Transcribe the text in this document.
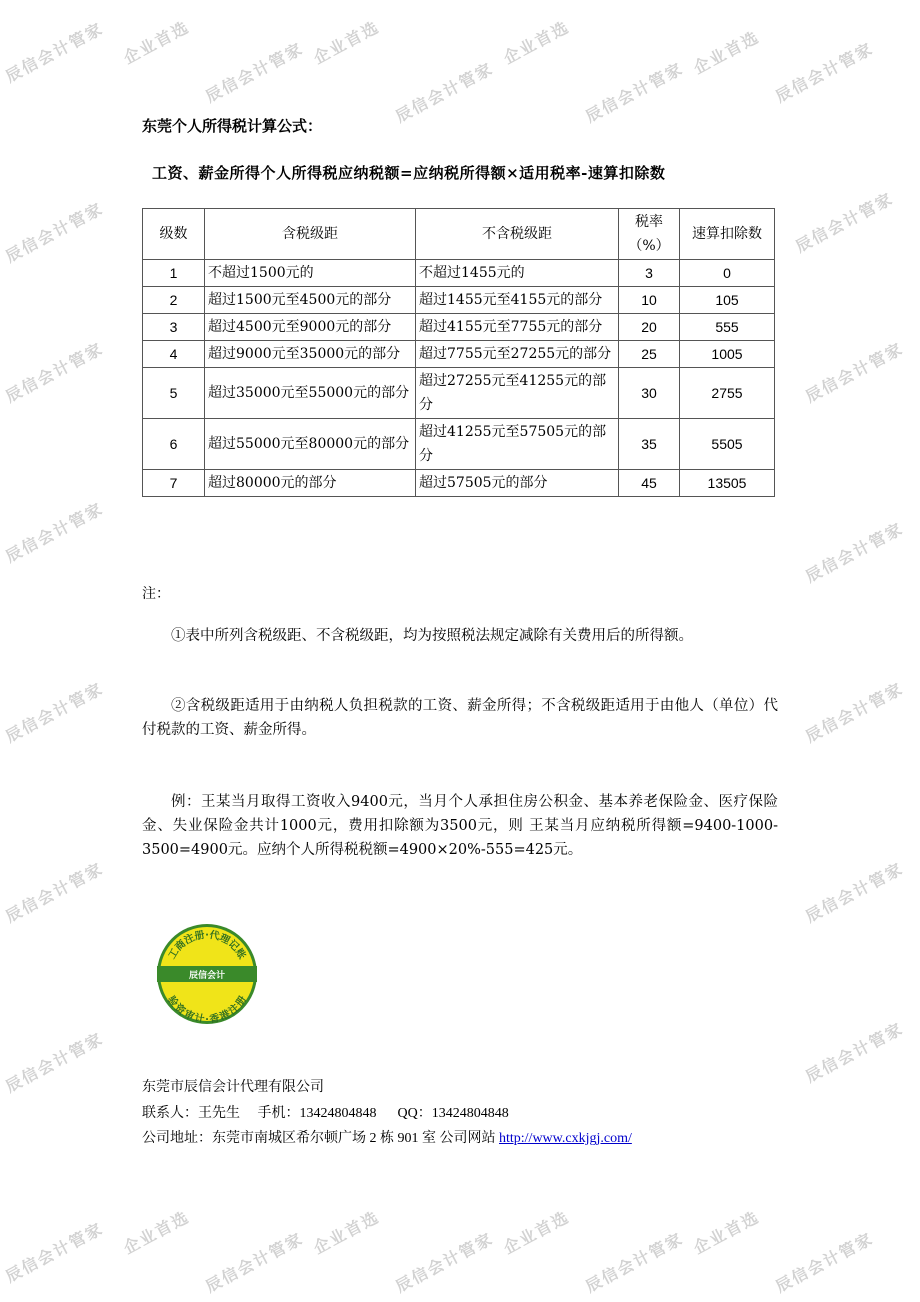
辰信会计管家 企业首选 辰信会计管家 企业首选
辰信会计管家
企业首选
辰信会计管家
企业首选 辰信会计管家
辰信会计管家	辰信会计管家
辰信会计管家	辰信会计管家
辰信会计管家	辰信会计管家
辰信会计管家	辰信会计管家
辰信会计管家	辰信会计管家
辰信会计管家	辰信会计管家
辰信会计管家 企业首选 辰信会计管家 企业首选 辰信会计管家 企业首选 辰信会计管家 企业首选 辰信会计管家
东莞个人所得税计算公式：
工资、薪金所得个人所得税应纳税额=应纳税所得额×适用税率-速算扣除数
级数	含税级距	不含税级距	税率（%）	速算扣除数
1	不超过1500元的	不超过1455元的	3	0
2	超过1500元至4500元的部分	超过1455元至4155元的部分	10	105
3	超过4500元至9000元的部分	超过4155元至7755元的部分	20	555
4	超过9000元至35000元的部分	超过7755元至27255元的部分	25	1005
5	超过35000元至55000元的部分	超过27255元至41255元的部分	30	2755
6	超过55000元至80000元的部分	超过41255元至57505元的部分	35	5505
7	超过80000元的部分	超过57505元的部分	45	13505
注：
①表中所列含税级距、不含税级距，均为按照税法规定减除有关费用后的所得额。
②含税级距适用于由纳税人负担税款的工资、薪金所得；不含税级距适用于由他人（单位）代付税款的工资、薪金所得。
例：王某当月取得工资收入9400元，当月个人承担住房公积金、基本养老保险金、医疗保险金、失业保险金共计1000元，费用扣除额为3500元，则 王某当月应纳税所得额=9400-1000-3500=4900元。应纳个人所得税税额=4900×20%-555=425元。
工商注册·代理记账
辰信会计
验资审计·香港注册
东莞市辰信会计代理有限公司
联系人：王先生　 手机：13424804848 　 QQ：13424804848
公司地址：东莞市南城区希尔顿广场 2 栋 901 室 公司网站 http://www.cxkjgj.com/
